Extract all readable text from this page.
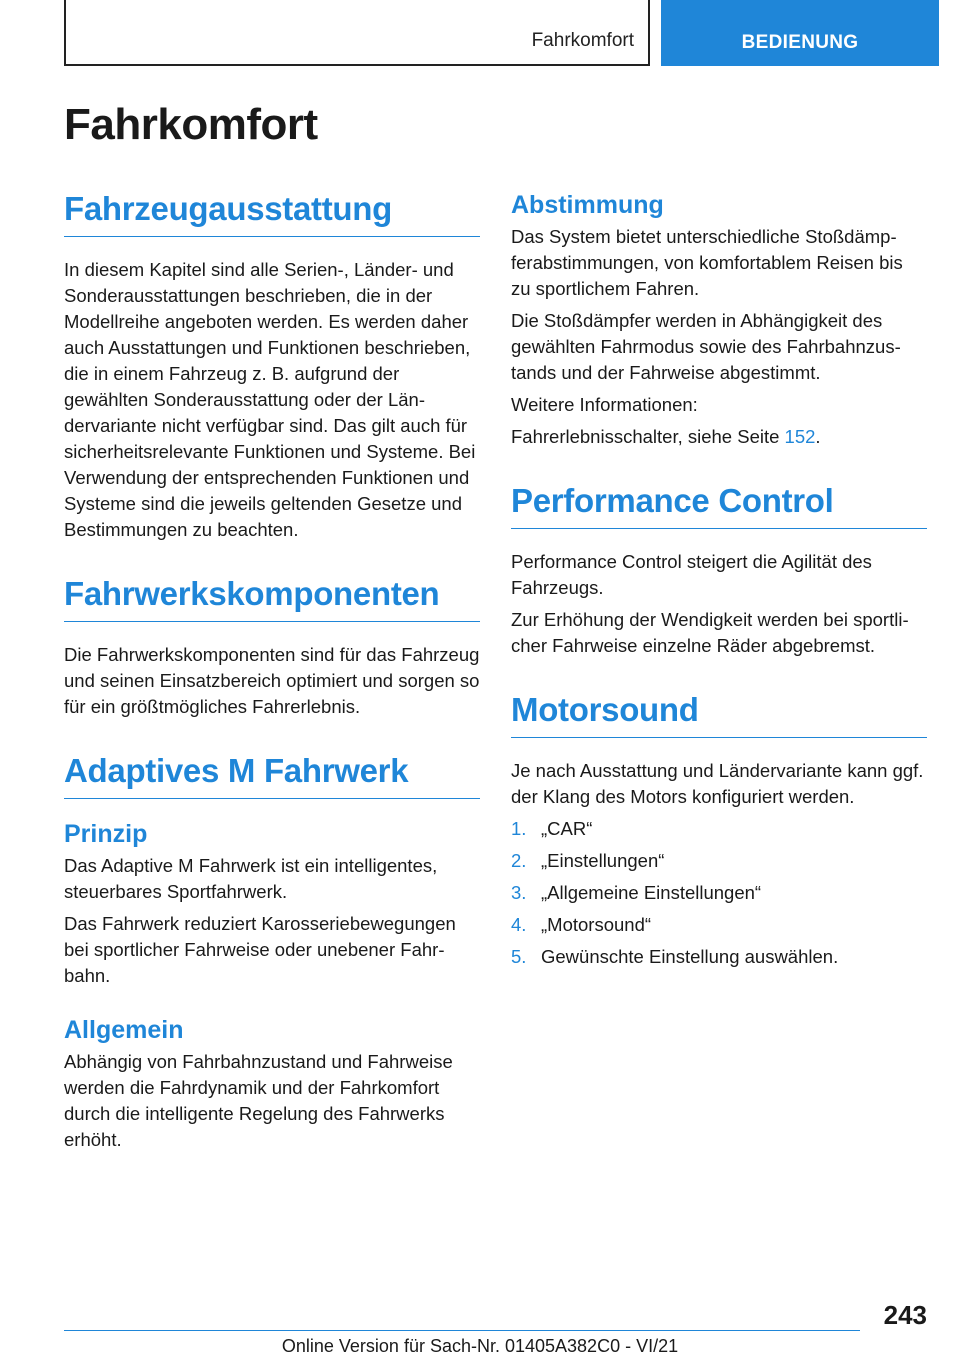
Fahrkomfort	BEDIENUNG
Fahrkomfort
Fahrzeugausstattung

In diesem Kapitel sind alle Serien-, Länder- und Sonderausstattungen beschrieben, die in der Modellreihe angeboten werden. Es werden daher auch Ausstattungen und Funktionen beschrieben, die in einem Fahrzeug z. B. aufgrund der gewählten Sonderausstattung oder der Ländervariante nicht verfügbar sind. Das gilt auch für sicherheitsrelevante Funktionen und Systeme. Bei Verwendung der entsprechenden Funktionen und Systeme sind die jeweils geltenden Gesetze und Bestimmungen zu beachten.

Fahrwerkskomponenten

Die Fahrwerkskomponenten sind für das Fahrzeug und seinen Einsatzbereich optimiert und sorgen so für ein größtmögliches Fahrerlebnis.

Adaptives M Fahrwerk
Prinzip

Das Adaptive M Fahrwerk ist ein intelligentes, steuerbares Sportfahrwerk.

Das Fahrwerk reduziert Karosseriebewegungen bei sportlicher Fahrweise oder unebener Fahrbahn.

Allgemein

Abhängig von Fahrbahnzustand und Fahrweise werden die Fahrdynamik und der Fahrkomfort durch die intelligente Regelung des Fahrwerks erhöht.

Abstimmung

Das System bietet unterschiedliche Stoßdämpferabstimmungen, von komfortablem Reisen bis zu sportlichem Fahren.

Die Stoßdämpfer werden in Abhängigkeit des gewählten Fahrmodus sowie des Fahrbahnzustands und der Fahrweise abgestimmt.

Weitere Informationen:

Fahrerlebnisschalter, siehe Seite 152.

Performance Control

Performance Control steigert die Agilität des Fahrzeugs.

Zur Erhöhung der Wendigkeit werden bei sportlicher Fahrweise einzelne Räder abgebremst.

Motorsound

Je nach Ausstattung und Ländervariante kann ggf. der Klang des Motors konfiguriert werden.

1. „CAR“
2. „Einstellungen“
3. „Allgemeine Einstellungen“
4. „Motorsound“
5. Gewünschte Einstellung auswählen.
243
Online Version für Sach-Nr. 01405A382C0 - VI/21
